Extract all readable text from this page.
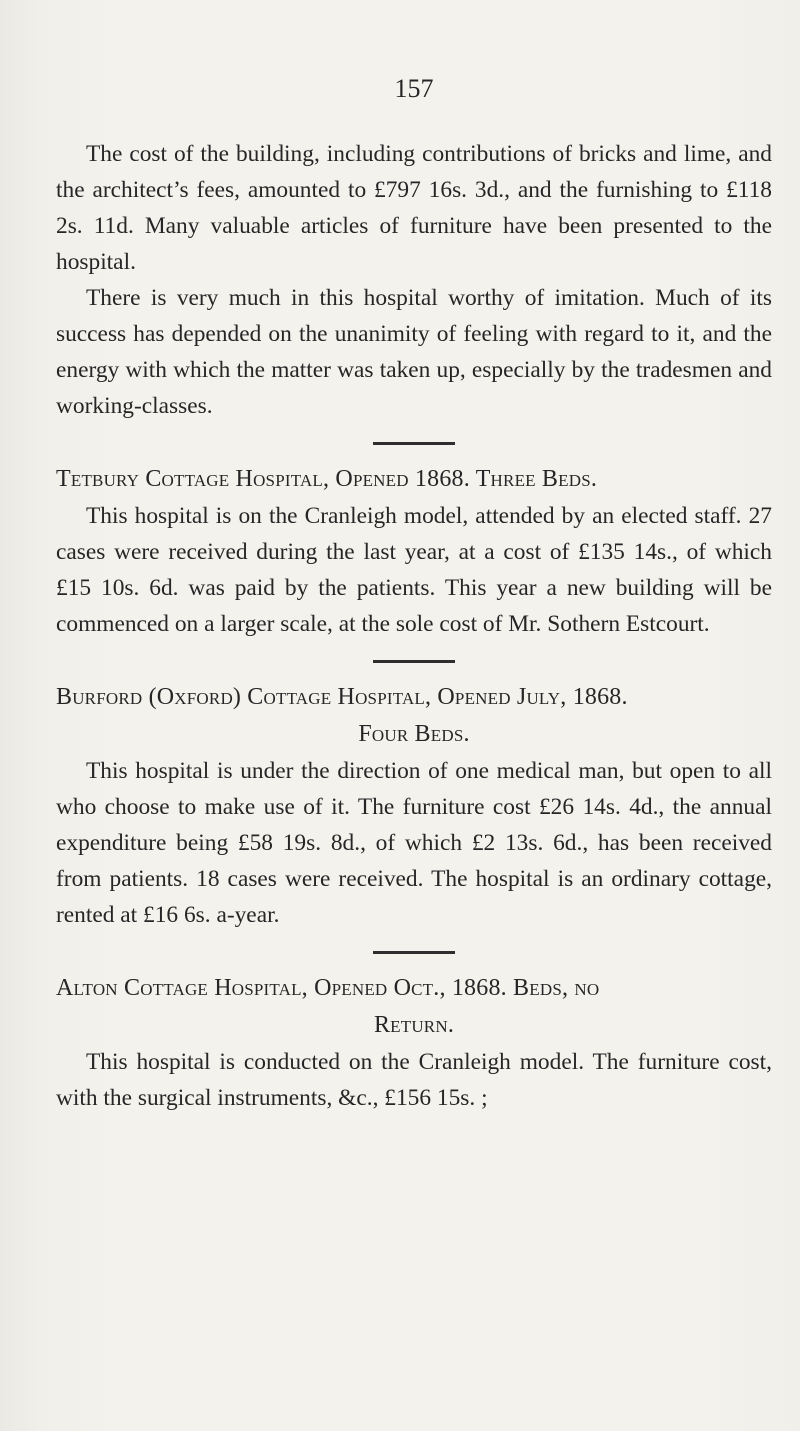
157

The cost of the building, including contributions of bricks and lime, and the architect’s fees, amounted to £797 16s. 3d., and the furnishing to £118 2s. 11d. Many valuable articles of furniture have been presented to the hospital.

There is very much in this hospital worthy of imitation. Much of its success has depended on the unanimity of feeling with regard to it, and the energy with which the matter was taken up, especially by the tradesmen and working-classes.

Tetbury Cottage Hospital, Opened 1868. Three Beds.

This hospital is on the Cranleigh model, attended by an elected staff. 27 cases were received during the last year, at a cost of £135 14s., of which £15 10s. 6d. was paid by the patients. This year a new building will be commenced on a larger scale, at the sole cost of Mr. Sothern Estcourt.

Burford (Oxford) Cottage Hospital, Opened July, 1868.
Four Beds.

This hospital is under the direction of one medical man, but open to all who choose to make use of it. The furniture cost £26 14s. 4d., the annual expenditure being £58 19s. 8d., of which £2 13s. 6d., has been received from patients. 18 cases were received. The hospital is an ordinary cottage, rented at £16 6s. a-year.

Alton Cottage Hospital, Opened Oct., 1868. Beds, no
Return.

This hospital is conducted on the Cranleigh model. The furniture cost, with the surgical instruments, &c., £156 15s. ;
